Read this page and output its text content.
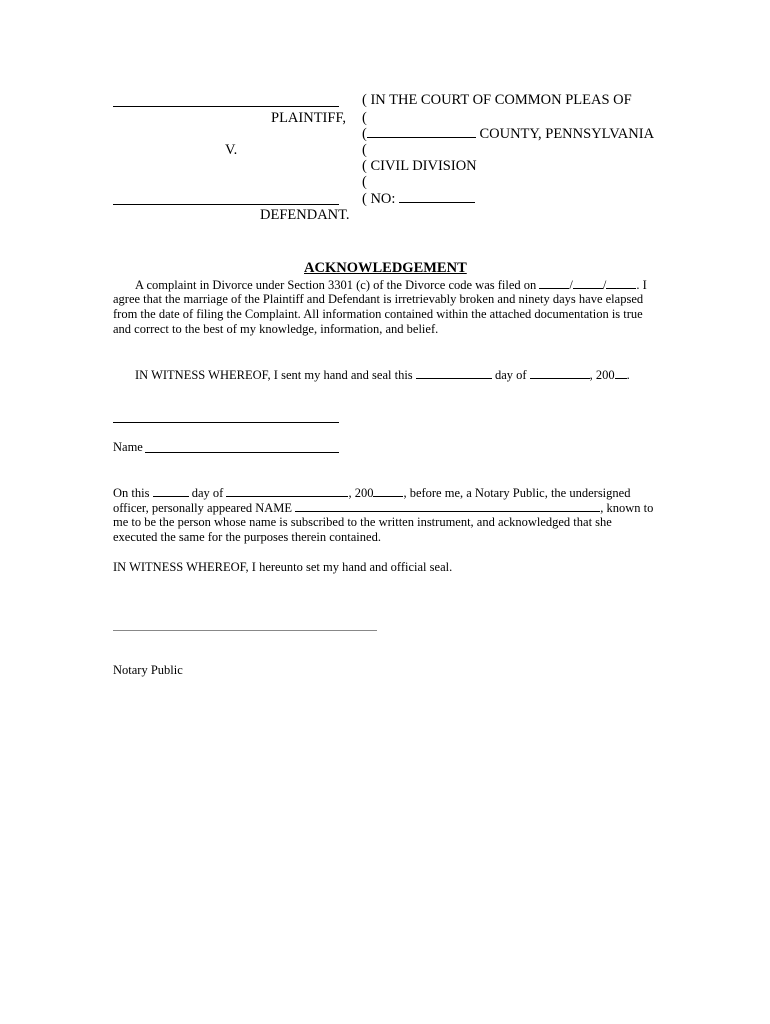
( IN THE COURT OF COMMON PLEAS OF
PLAINTIFF, (
(	COUNTY, PENNSYLVANIA
V.	(
( CIVIL DIVISION
(
( NO:
DEFENDANT.
ACKNOWLEDGEMENT
A complaint in Divorce under Section 3301 (c) of the Divorce code was filed on	/ / . I
agree that the marriage of the Plaintiff and Defendant is irretrievably broken and ninety days have elapsed
from the date of filing the Complaint. All information contained within the attached documentation is true
and correct to the best of my knowledge, information, and belief.
IN WITNESS WHEREOF, I sent my hand and seal this	day of	, 200 .
Name
On this	day of	, 200 , before me, a Notary Public, the undersigned
officer, personally appeared NAME	, known to
me to be the person whose name is subscribed to the written instrument, and acknowledged that she
executed the same for the purposes therein contained.
IN WITNESS WHEREOF, I hereunto set my hand and official seal.
Notary Public
